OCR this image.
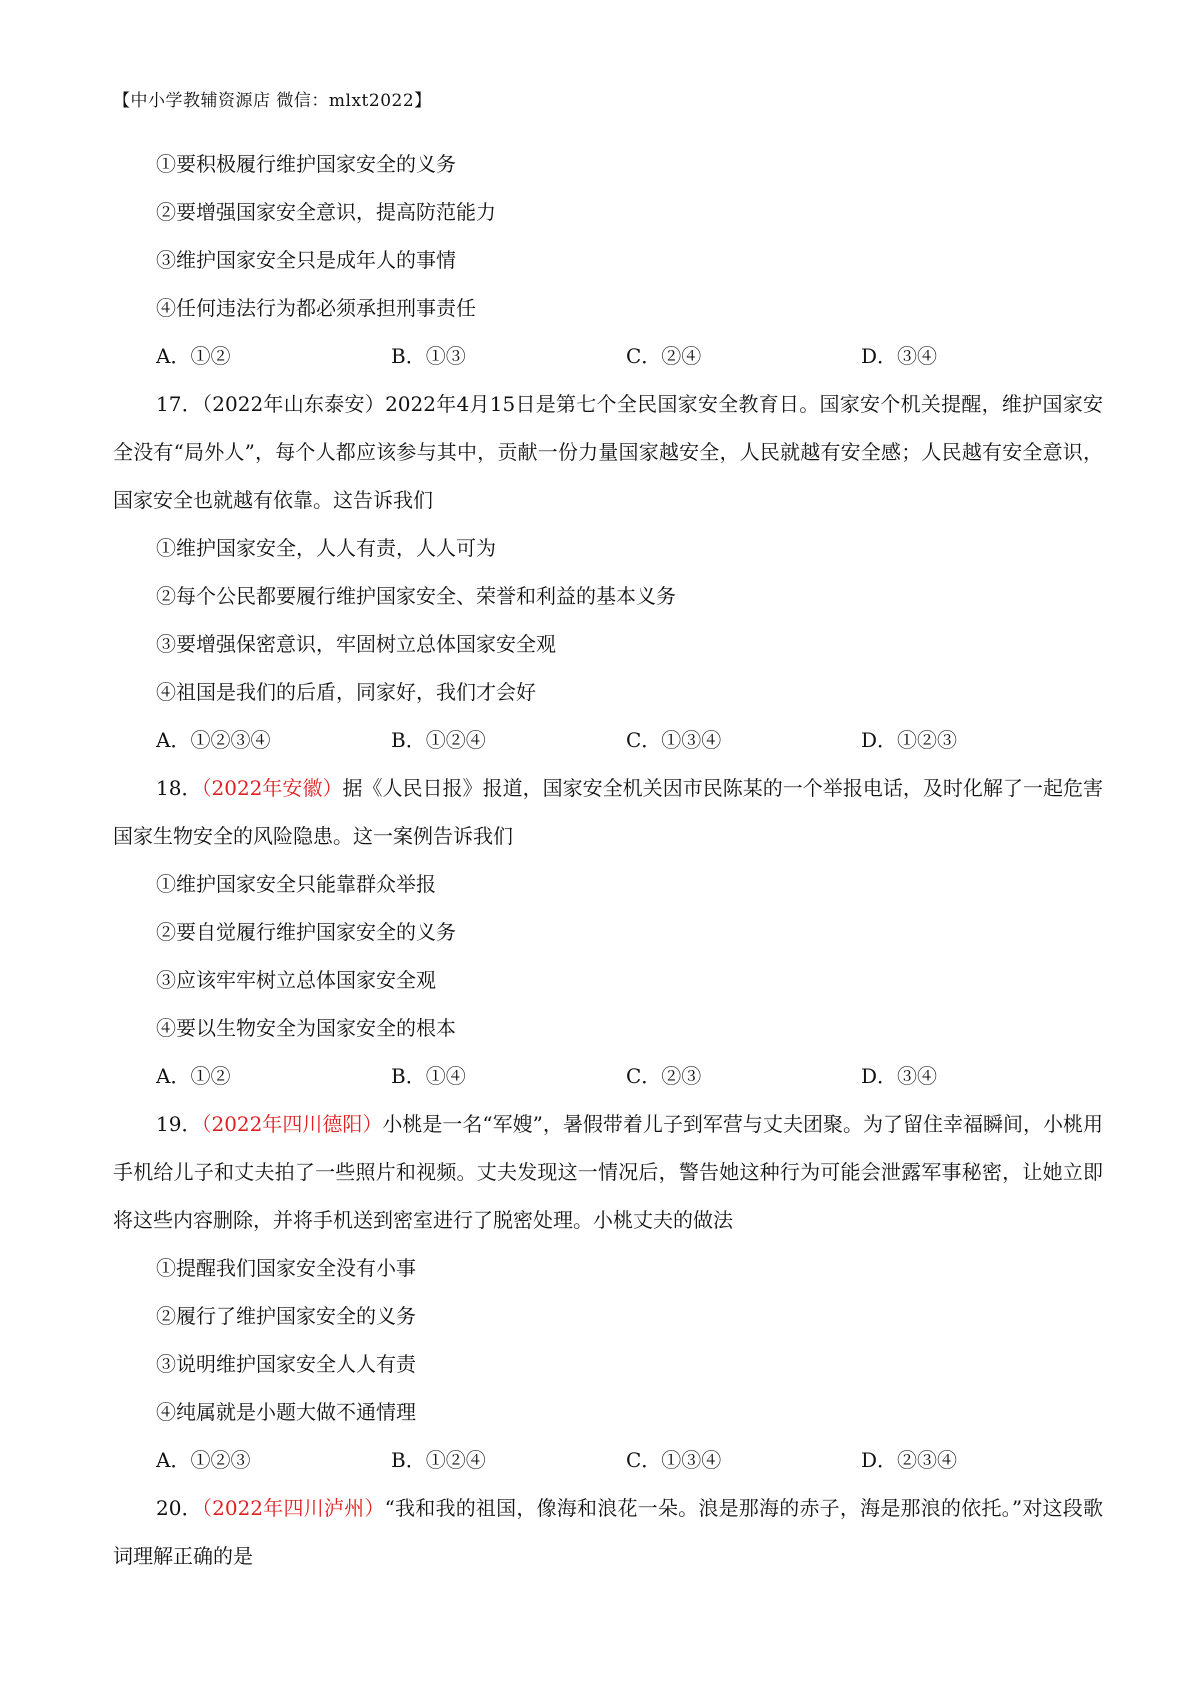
【中小学教辅资源店 微信：mlxt2022】

①要积极履行维护国家安全的义务

②要增强国家安全意识，提高防范能力

③维护国家安全只是成年人的事情

④任何违法行为都必须承担刑事责任

A．①②	B．①③	C．②④	D．③④

17．（2022年山东泰安）2022年4月15日是第七个全民国家安全教育日。国家安个机关提醒，维护国家安全没有“局外人”，每个人都应该参与其中，贡献一份力量国家越安全，人民就越有安全感；人民越有安全意识，国家安全也就越有依靠。这告诉我们

①维护国家安全，人人有责，人人可为

②每个公民都要履行维护国家安全、荣誉和利益的基本义务

③要增强保密意识，牢固树立总体国家安全观

④祖国是我们的后盾，同家好，我们才会好

A．①②③④	B．①②④	C．①③④	D．①②③

18．（2022年安徽）据《人民日报》报道，国家安全机关因市民陈某的一个举报电话，及时化解了一起危害国家生物安全的风险隐患。这一案例告诉我们

①维护国家安全只能靠群众举报

②要自觉履行维护国家安全的义务

③应该牢牢树立总体国家安全观

④要以生物安全为国家安全的根本

A．①②	B．①④	C．②③	D．③④

19．（2022年四川德阳）小桃是一名“军嫂”，暑假带着儿子到军营与丈夫团聚。为了留住幸福瞬间，小桃用手机给儿子和丈夫拍了一些照片和视频。丈夫发现这一情况后，警告她这种行为可能会泄露军事秘密，让她立即将这些内容删除，并将手机送到密室进行了脱密处理。小桃丈夫的做法

①提醒我们国家安全没有小事

②履行了维护国家安全的义务

③说明维护国家安全人人有责

④纯属就是小题大做不通情理

A．①②③	B．①②④	C．①③④	D．②③④

20．（2022年四川泸州）“我和我的祖国，像海和浪花一朵。浪是那海的赤子，海是那浪的依托。”对这段歌词理解正确的是
